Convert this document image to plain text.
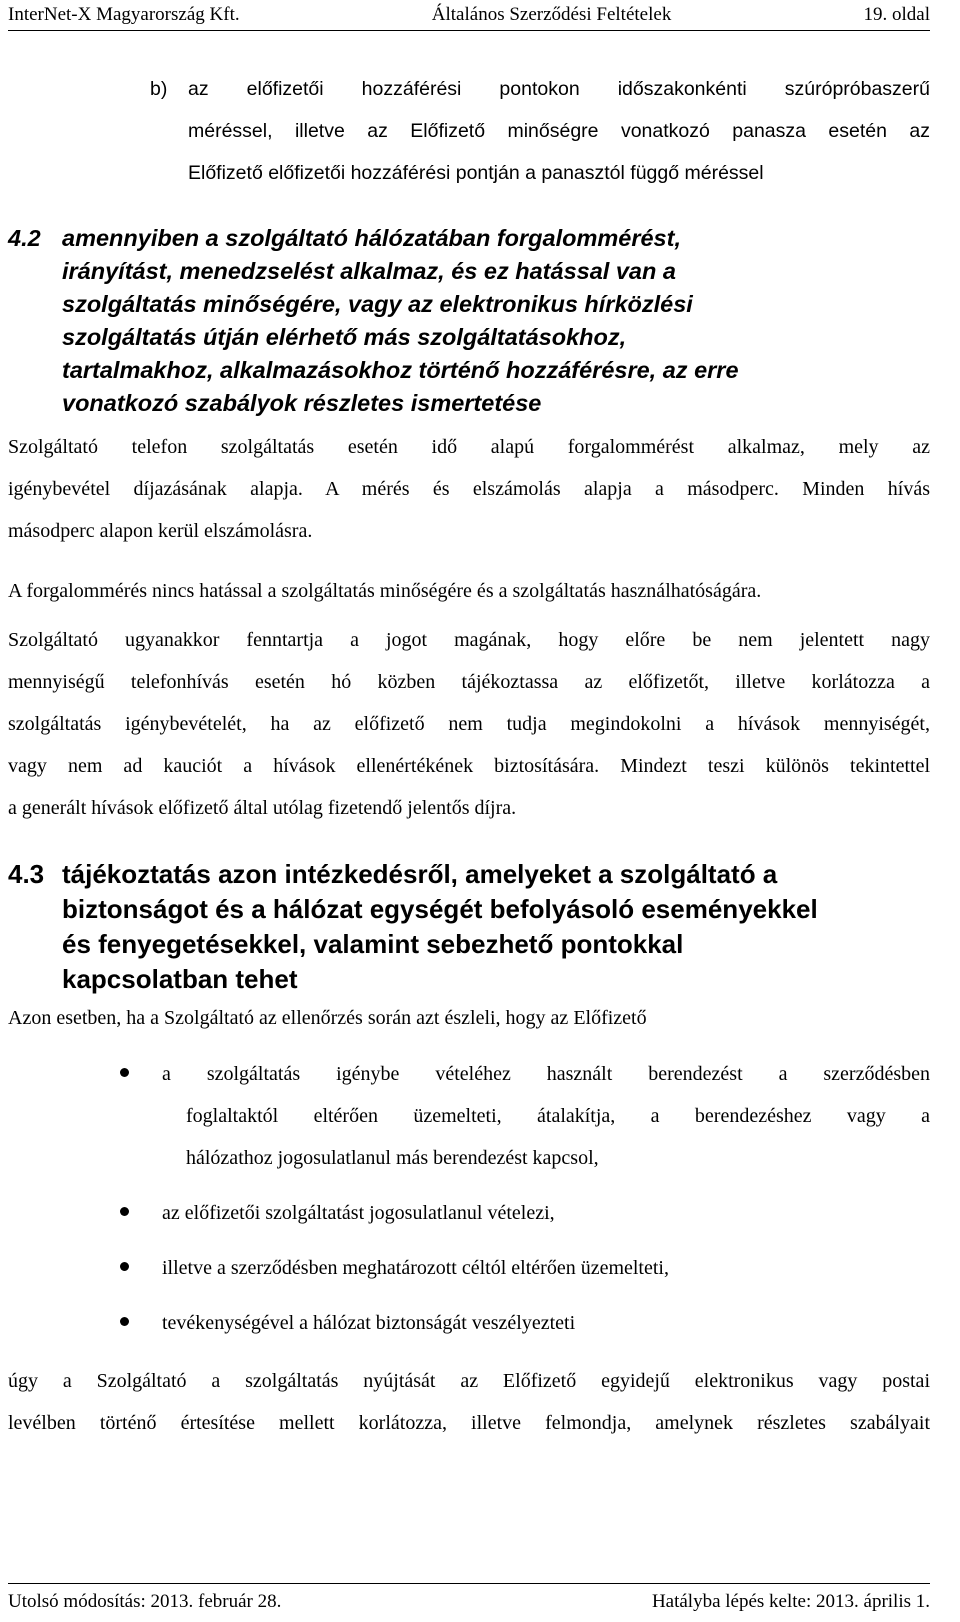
InterNet-X Magyarország Kft.	Általános Szerződési Feltételek	19. oldal
b) az előfizetői hozzáférési pontokon időszakonkénti szúrópróbaszerű
méréssel, illetve az Előfizető minőségre vonatkozó panasza esetén az
Előfizető előfizetői hozzáférési pontján a panasztól függő méréssel
4.2 amennyiben a szolgáltató hálózatában forgalommérést,
irányítást, menedzselést alkalmaz, és ez hatással van a
szolgáltatás minőségére, vagy az elektronikus hírközlési
szolgáltatás útján elérhető más szolgáltatásokhoz,
tartalmakhoz, alkalmazásokhoz történő hozzáférésre, az erre
vonatkozó szabályok részletes ismertetése
Szolgáltató telefon szolgáltatás esetén idő alapú forgalommérést alkalmaz, mely az
igénybevétel díjazásának alapja. A mérés és elszámolás alapja a másodperc. Minden hívás
másodperc alapon kerül elszámolásra.
A forgalommérés nincs hatással a szolgáltatás minőségére és a szolgáltatás használhatóságára.
Szolgáltató ugyanakkor fenntartja a jogot magának, hogy előre be nem jelentett nagy
mennyiségű telefonhívás esetén hó közben tájékoztassa az előfizetőt, illetve korlátozza a
szolgáltatás igénybevételét, ha az előfizető nem tudja megindokolni a hívások mennyiségét,
vagy nem ad kauciót a hívások ellenértékének biztosítására. Mindezt teszi különös tekintettel
a generált hívások előfizető által utólag fizetendő jelentős díjra.
4.3 tájékoztatás azon intézkedésről, amelyeket a szolgáltató a
biztonságot és a hálózat egységét befolyásoló eseményekkel
és fenyegetésekkel, valamint sebezhető pontokkal
kapcsolatban tehet
Azon esetben, ha a Szolgáltató az ellenőrzés során azt észleli, hogy az Előfizető
a szolgáltatás igénybe vételéhez használt berendezést a szerződésben
foglaltaktól eltérően üzemelteti, átalakítja, a berendezéshez vagy a
hálózathoz jogosulatlanul más berendezést kapcsol,
az előfizetői szolgáltatást jogosulatlanul vételezi,
illetve a szerződésben meghatározott céltól eltérően üzemelteti,
tevékenységével a hálózat biztonságát veszélyezteti
úgy a Szolgáltató a szolgáltatás nyújtását az Előfizető egyidejű elektronikus vagy postai
levélben történő értesítése mellett korlátozza, illetve felmondja, amelynek részletes szabályait
Utolsó módosítás: 2013. február 28.	Hatályba lépés kelte: 2013. április 1.
